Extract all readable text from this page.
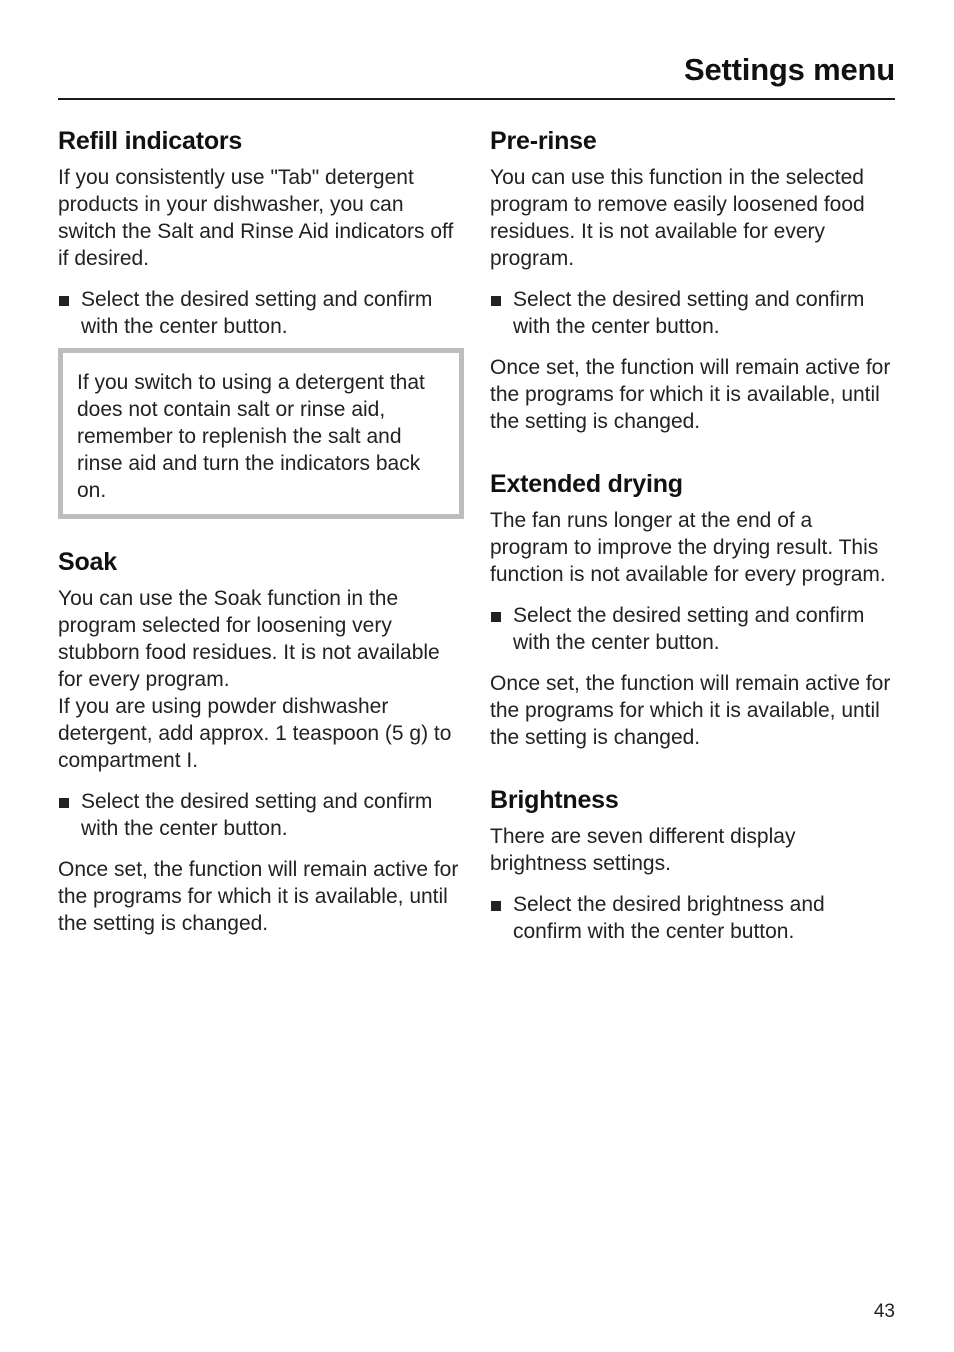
Settings menu
Refill indicators

If you consistently use "Tab" detergent products in your dishwasher, you can switch the Salt and Rinse Aid indicators off if desired.

Select the desired setting and confirm with the center button.
If you switch to using a detergent that does not contain salt or rinse aid, remember to replenish the salt and rinse aid and turn the indicators back on.
Soak

You can use the Soak function in the program selected for loosening very stubborn food residues. It is not available for every program.

If you are using powder dishwasher detergent, add approx. 1 teaspoon (5 g) to compartment I.

Select the desired setting and confirm with the center button.

Once set, the function will remain active for the programs for which it is available, until the setting is changed.

Pre-rinse

You can use this function in the selected program to remove easily loosened food residues. It is not available for every program.

Select the desired setting and confirm with the center button.

Once set, the function will remain active for the programs for which it is available, until the setting is changed.

Extended drying

The fan runs longer at the end of a program to improve the drying result. This function is not available for every program.

Select the desired setting and confirm with the center button.

Once set, the function will remain active for the programs for which it is available, until the setting is changed.

Brightness

There are seven different display brightness settings.

Select the desired brightness and confirm with the center button.
43
